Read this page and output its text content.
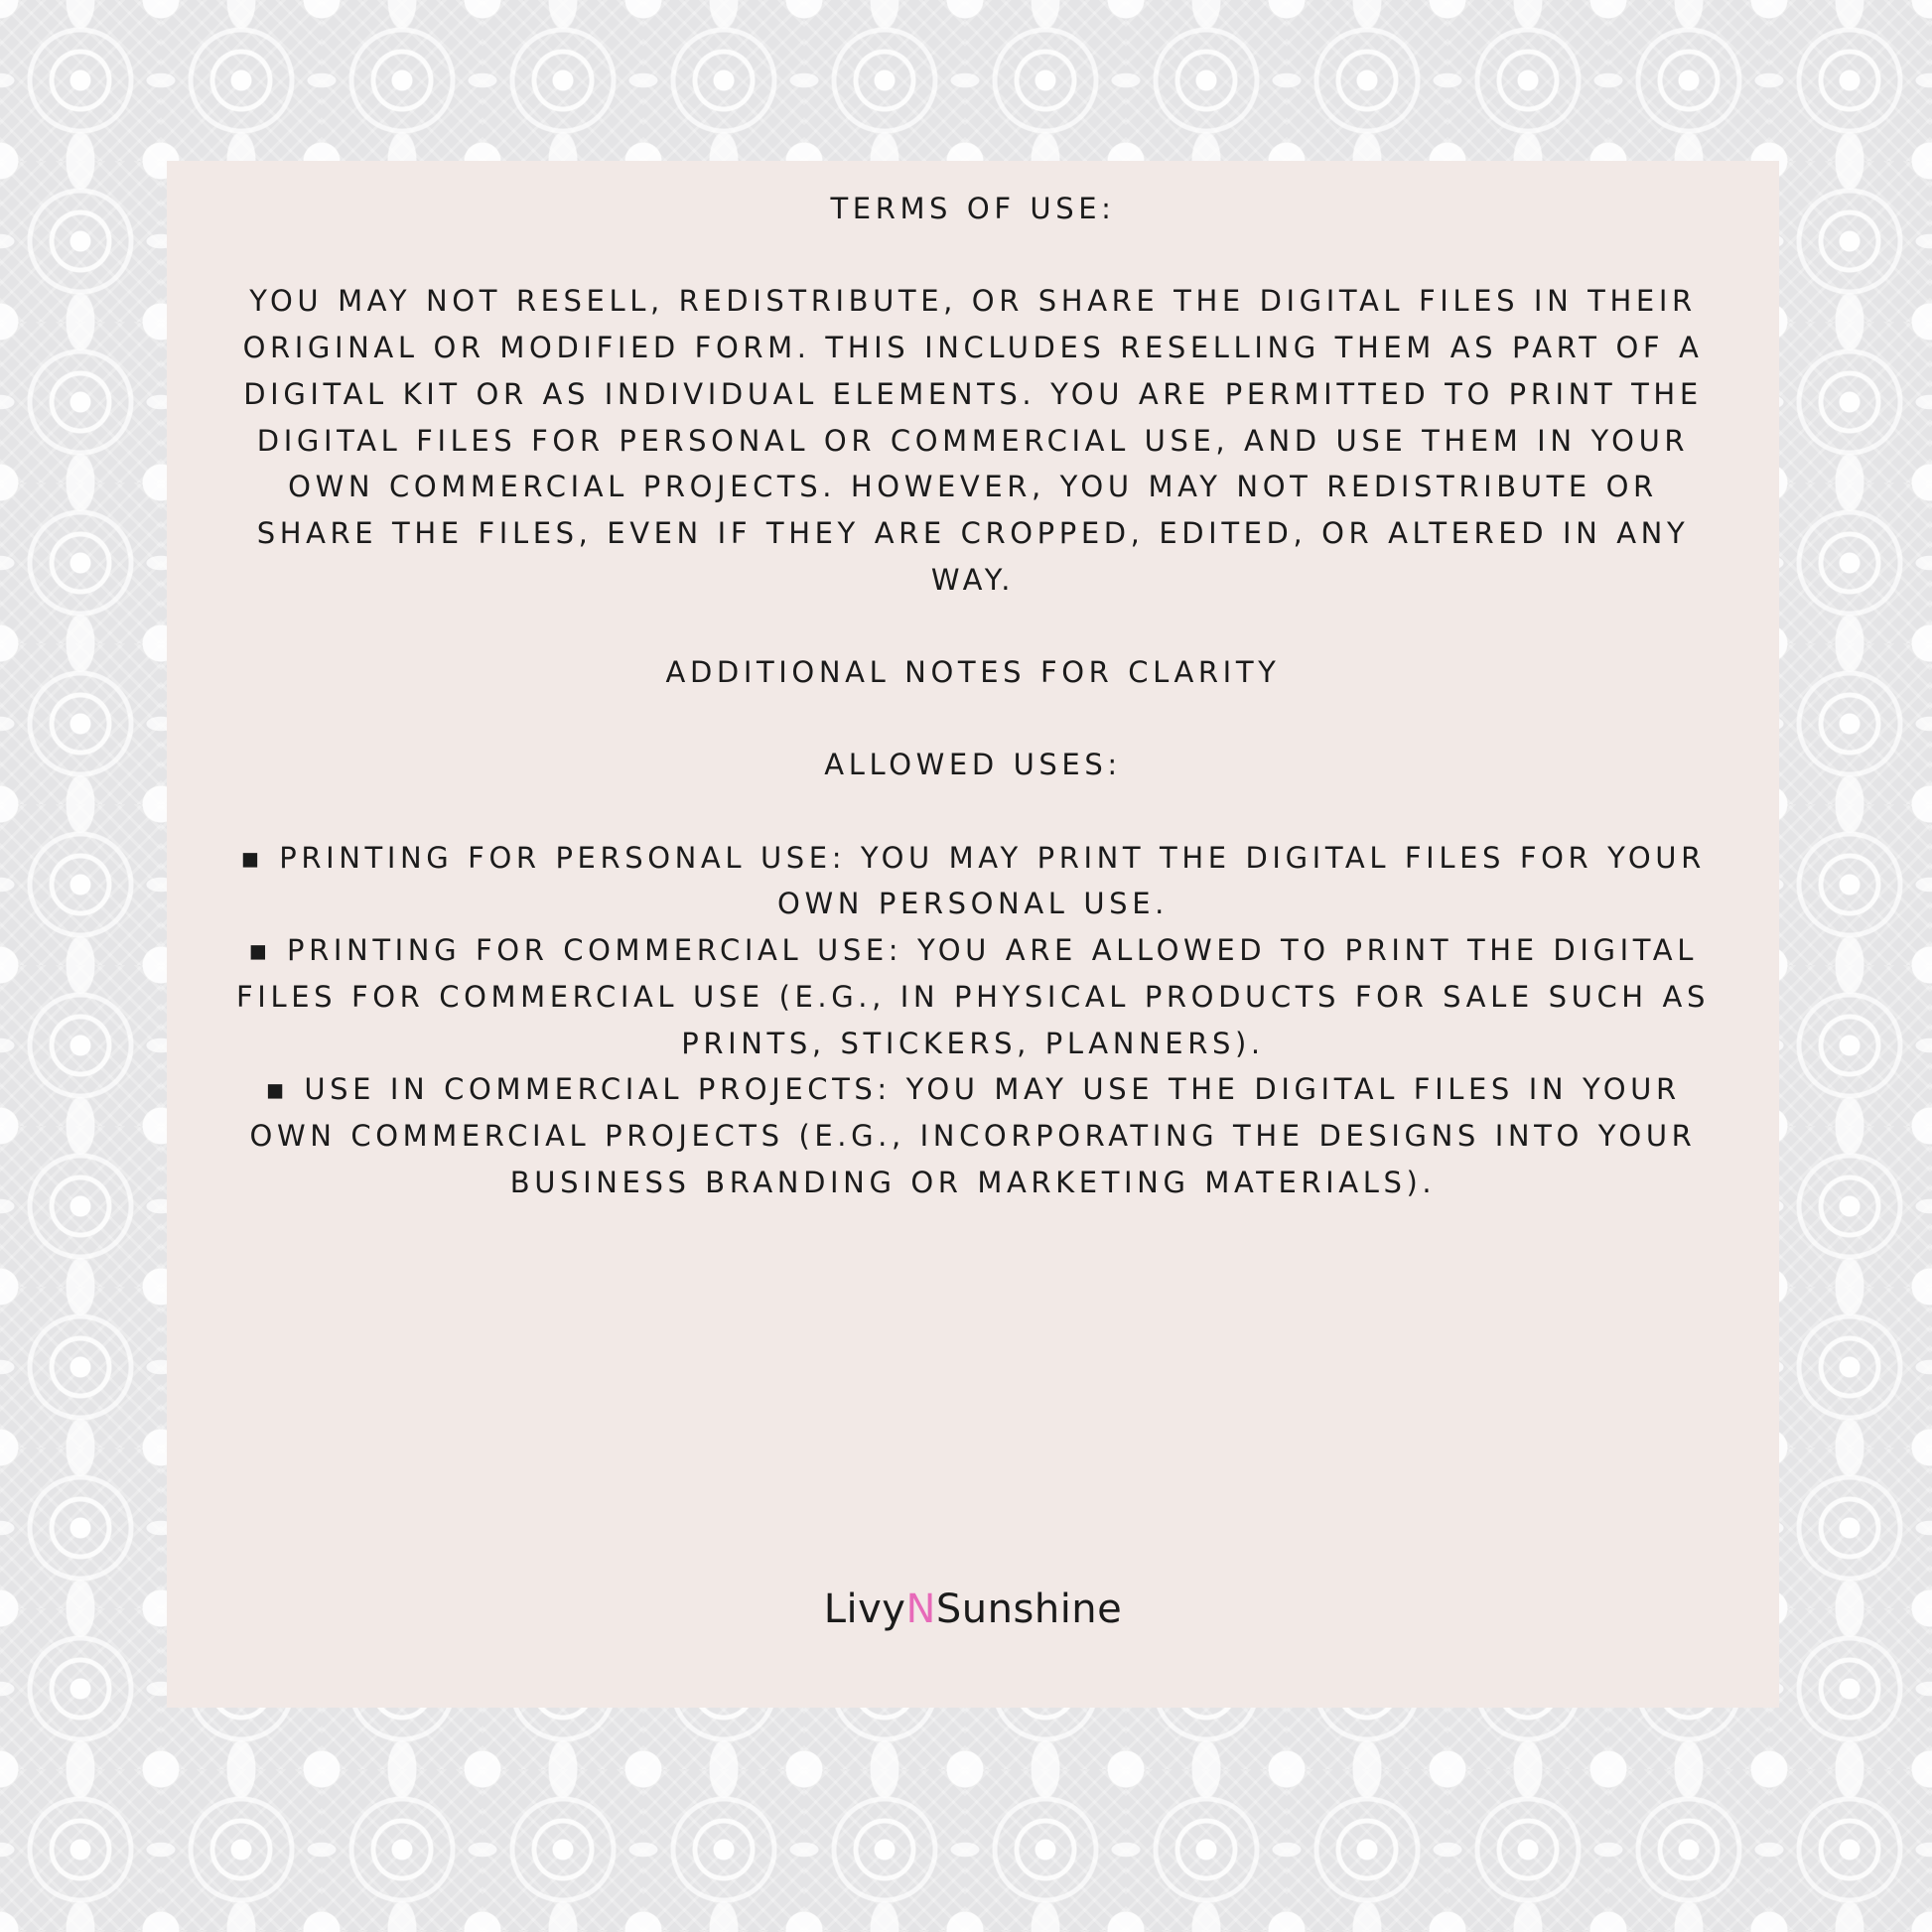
TERMS OF USE:

YOU MAY NOT RESELL, REDISTRIBUTE, OR SHARE THE DIGITAL FILES IN THEIR ORIGINAL OR MODIFIED FORM. THIS INCLUDES RESELLING THEM AS PART OF A DIGITAL KIT OR AS INDIVIDUAL ELEMENTS. YOU ARE PERMITTED TO PRINT THE DIGITAL FILES FOR PERSONAL OR COMMERCIAL USE, AND USE THEM IN YOUR OWN COMMERCIAL PROJECTS. HOWEVER, YOU MAY NOT REDISTRIBUTE OR SHARE THE FILES, EVEN IF THEY ARE CROPPED, EDITED, OR ALTERED IN ANY WAY.

ADDITIONAL NOTES FOR CLARITY

ALLOWED USES:

▪ PRINTING FOR PERSONAL USE: YOU MAY PRINT THE DIGITAL FILES FOR YOUR OWN PERSONAL USE.

▪ PRINTING FOR COMMERCIAL USE: YOU ARE ALLOWED TO PRINT THE DIGITAL FILES FOR COMMERCIAL USE (E.G., IN PHYSICAL PRODUCTS FOR SALE SUCH AS PRINTS, STICKERS, PLANNERS).

▪ USE IN COMMERCIAL PROJECTS: YOU MAY USE THE DIGITAL FILES IN YOUR OWN COMMERCIAL PROJECTS (E.G., INCORPORATING THE DESIGNS INTO YOUR BUSINESS BRANDING OR MARKETING MATERIALS).

LivyNSunshine
